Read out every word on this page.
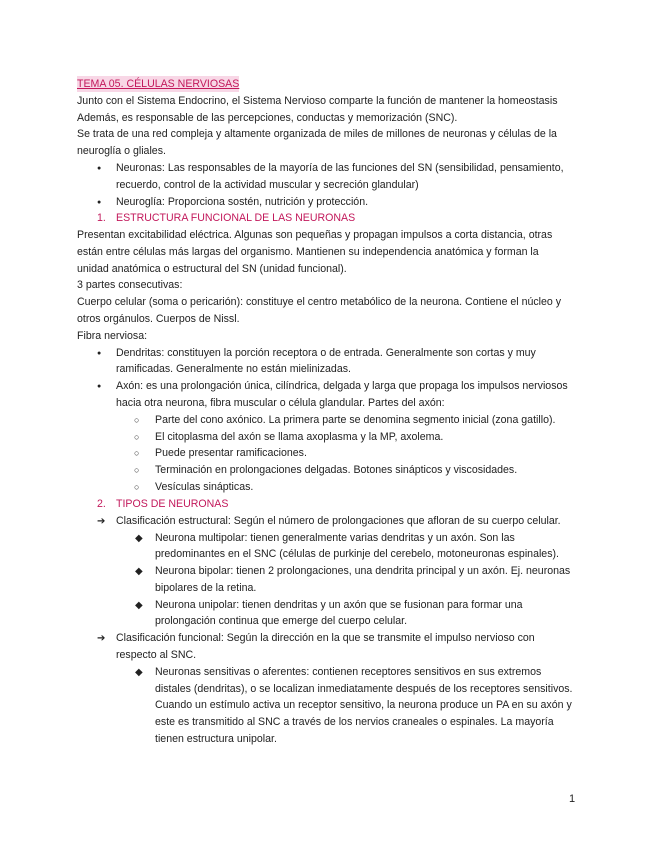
TEMA 05. CÉLULAS NERVIOSAS
Junto con el Sistema Endocrino, el Sistema Nervioso comparte la función de mantener la homeostasis
Además, es responsable de las percepciones, conductas y memorización (SNC).
Se trata de una red compleja y altamente organizada de miles de millones de neuronas y células de la
neuroglía o gliales.
●
Neuronas: Las responsables de la mayoría de las funciones del SN (sensibilidad, pensamiento,
recuerdo, control de la actividad muscular y secreción glandular)
●
Neuroglía: Proporciona sostén, nutrición y protección.
1. ESTRUCTURA FUNCIONAL DE LAS NEURONAS
Presentan excitabilidad eléctrica. Algunas son pequeñas y propagan impulsos a corta distancia, otras
están entre células más largas del organismo. Mantienen su independencia anatómica y forman la
unidad anatómica o estructural del SN (unidad funcional).
3 partes consecutivas:
Cuerpo celular (soma o pericarión): constituye el centro metabólico de la neurona. Contiene el núcleo y
otros orgánulos. Cuerpos de Nissl.
Fibra nerviosa:
●
Dendritas: constituyen la porción receptora o de entrada. Generalmente son cortas y muy
ramificadas. Generalmente no están mielinizadas.
●
Axón: es una prolongación única, cilíndrica, delgada y larga que propaga los impulsos nerviosos
hacia otra neurona, fibra muscular o célula glandular. Partes del axón:
○
Parte del cono axónico. La primera parte se denomina segmento inicial (zona gatillo).
○
El citoplasma del axón se llama axoplasma y la MP, axolema.
○
Puede presentar ramificaciones.
○
Terminación en prolongaciones delgadas. Botones sinápticos y viscosidades.
○
Vesículas sinápticas.
2. TIPOS DE NEURONAS
➔
Clasificación estructural: Según el número de prolongaciones que afloran de su cuerpo celular.
◆
Neurona multipolar: tienen generalmente varias dendritas y un axón. Son las
predominantes en el SNC (células de purkinje del cerebelo, motoneuronas espinales).
◆
Neurona bipolar: tienen 2 prolongaciones, una dendrita principal y un axón. Ej. neuronas
bipolares de la retina.
◆
Neurona unipolar: tienen dendritas y un axón que se fusionan para formar una
prolongación continua que emerge del cuerpo celular.
➔
Clasificación funcional: Según la dirección en la que se transmite el impulso nervioso con
respecto al SNC.
◆
Neuronas sensitivas o aferentes: contienen receptores sensitivos en sus extremos
distales (dendritas), o se localizan inmediatamente después de los receptores sensitivos.
Cuando un estímulo activa un receptor sensitivo, la neurona produce un PA en su axón y
este es transmitido al SNC a través de los nervios craneales o espinales. La mayoría
tienen estructura unipolar.
1
